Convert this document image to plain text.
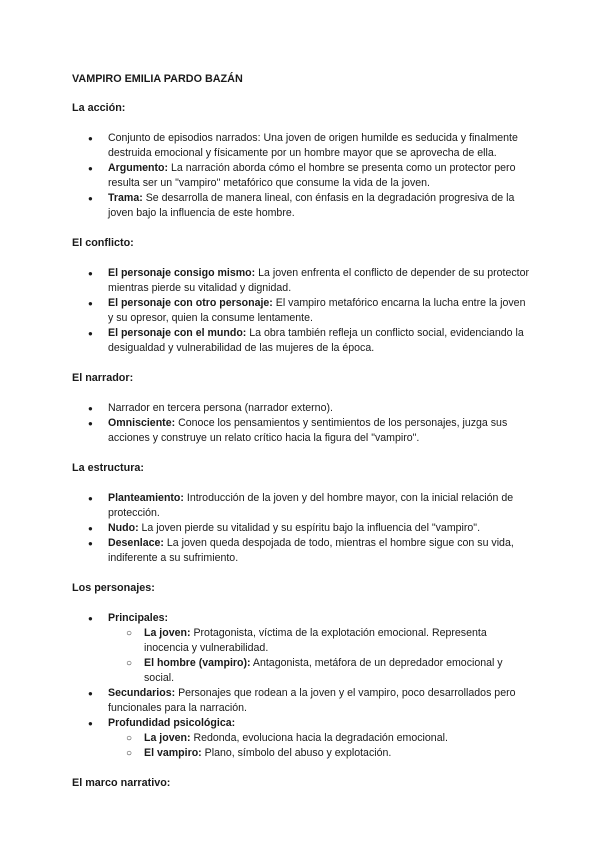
VAMPIRO EMILIA PARDO BAZÁN
La acción:
● Conjunto de episodios narrados: Una joven de origen humilde es seducida y finalmente destruida emocional y físicamente por un hombre mayor que se aprovecha de ella.
● Argumento: La narración aborda cómo el hombre se presenta como un protector pero resulta ser un "vampiro" metafórico que consume la vida de la joven.
● Trama: Se desarrolla de manera lineal, con énfasis en la degradación progresiva de la joven bajo la influencia de este hombre.
El conflicto:
● El personaje consigo mismo: La joven enfrenta el conflicto de depender de su protector mientras pierde su vitalidad y dignidad.
● El personaje con otro personaje: El vampiro metafórico encarna la lucha entre la joven y su opresor, quien la consume lentamente.
● El personaje con el mundo: La obra también refleja un conflicto social, evidenciando la desigualdad y vulnerabilidad de las mujeres de la época.
El narrador:
● Narrador en tercera persona (narrador externo).
● Omnisciente: Conoce los pensamientos y sentimientos de los personajes, juzga sus acciones y construye un relato crítico hacia la figura del "vampiro".
La estructura:
● Planteamiento: Introducción de la joven y del hombre mayor, con la inicial relación de protección.
● Nudo: La joven pierde su vitalidad y su espíritu bajo la influencia del "vampiro".
● Desenlace: La joven queda despojada de todo, mientras el hombre sigue con su vida, indiferente a su sufrimiento.
Los personajes:
● Principales:
○ La joven: Protagonista, víctima de la explotación emocional. Representa inocencia y vulnerabilidad.
○ El hombre (vampiro): Antagonista, metáfora de un depredador emocional y social.
● Secundarios: Personajes que rodean a la joven y el vampiro, poco desarrollados pero funcionales para la narración.
● Profundidad psicológica:
○ La joven: Redonda, evoluciona hacia la degradación emocional.
○ El vampiro: Plano, símbolo del abuso y explotación.
El marco narrativo:
